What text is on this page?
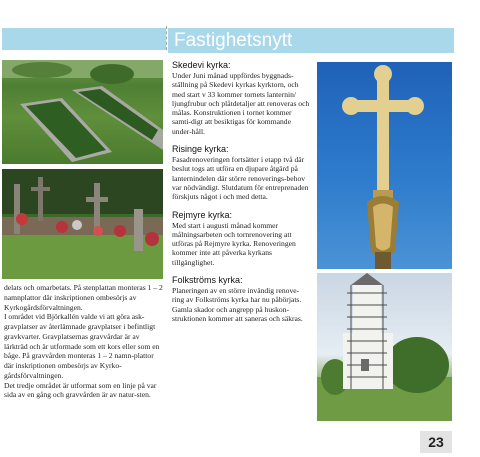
Fastighetsnytt

delats och omarbetats. På stenplattan monteras 1 – 2 namnplattor där inskriptionen ombesörjs av Kyrkogårdsförvaltningen.

I området vid Björkallén valde vi att göra ask-gravplatser av återlämnade gravplatser i befintligt gravkvarter. Gravplatsernas gravvårdar är av lärkträd och är utformade som ett kors eller som en båge. På gravvården monteras 1 – 2 namn-plattor där inskriptionen ombesörjs av Kyrko-gårdsförvaltningen.

Det tredje området är utformat som en linje på var sida av en gång och gravvården är av natur-sten.

Skedevi kyrka:

Under Juni månad uppfördes byggnads-ställning på Skedevi kyrkas kyrktorn, och med start v 33 kommer tornets lanternin/ ljungfrubur och plåtdetaljer att renoveras och målas. Konstruktionen i tornet kommer samti-digt att besiktigas för kommande under-håll.

Risinge kyrka:

Fasadrenoveringen fortsätter i etapp två där beslut togs att utföra en djupare åtgärd på lanternindelen där större renoverings-behov var nödvändigt. Slutdatum för entreprenaden förskjuts något i och med detta.

Rejmyre kyrka:

Med start i augusti månad kommer målningsarbeten och tornrenovering att utföras på Rejmyre kyrka. Renoveringen kommer inte att påverka kyrkans tillgänglighet.

Folkströms kyrka:

Planeringen av en större invändig renove-ring av Folkströms kyrka har nu påbörjats. Gamla skador och angrepp på huskon-struktionen kommer att saneras och säkras.

23
